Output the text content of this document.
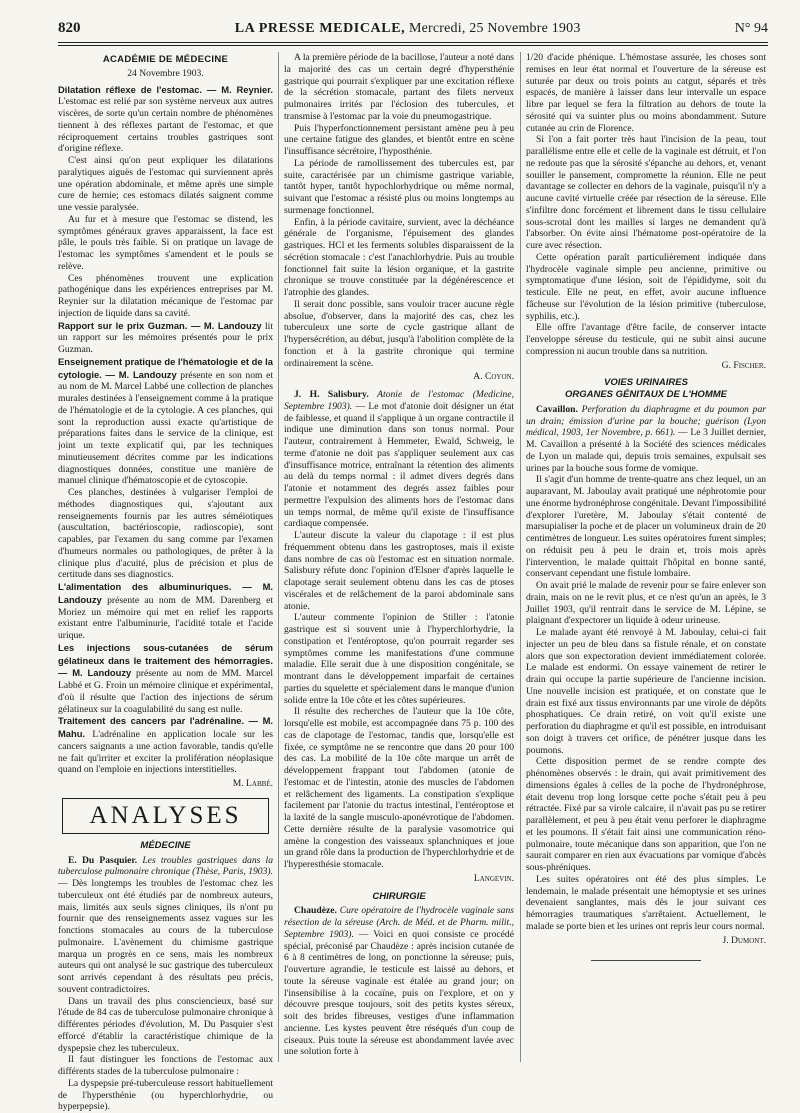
820	LA PRESSE MEDICALE, Mercredi, 25 Novembre 1903	N° 94
ACADÉMIE DE MÉDECINE
24 Novembre 1903.

Dilatation réflexe de l'estomac. — M. Reynier. L'estomac est relié par son système nerveux aux autres viscères, de sorte qu'un certain nombre de phénomènes tiennent à des réflexes partant de l'estomac, et que réciproquement certains troubles gastriques sont d'origine réflexe.

C'est ainsi qu'on peut expliquer les dilatations paralytiques aiguës de l'estomac qui surviennent après une opération abdominale, et même après une simple cure de hernie; ces estomacs dilatés saignent comme une vessie paralysée.

Au fur et à mesure que l'estomac se distend, les symptômes généraux graves apparaissent, la face est pâle, le pouls très faible. Si on pratique un lavage de l'estomac les symptômes s'amendent et le pouls se relève.

Ces phénomènes trouvent une explication pathogénique dans les expériences entreprises par M. Reynier sur la dilatation mécanique de l'estomac par injection de liquide dans sa cavité.

Rapport sur le prix Guzman. — M. Landouzy lit un rapport sur les mémoires présentés pour le prix Guzman.

Enseignement pratique de l'hématologie et de la cytologie. — M. Landouzy présente en son nom et au nom de M. Marcel Labbé une collection de planches murales destinées à l'enseignement comme à la pratique de l'hématologie et de la cytologie. A ces planches, qui sont la reproduction aussi exacte qu'artistique de préparations faites dans le service de la clinique, est joint un texte explicatif qui, par les techniques minutieusement décrites comme par les indications diagnostiques données, constitue une manière de manuel clinique d'hématoscopie et de cytoscopie.

Ces planches, destinées à vulgariser l'emploi de méthodes diagnostiques qui, s'ajoutant aux renseignements fournis par les autres séméiotiques (auscultation, bactérioscopie, radioscopie), sont capables, par l'examen du sang comme par l'examen d'humeurs normales ou pathologiques, de prêter à la clinique plus d'acuité, plus de précision et plus de certitude dans ses diagnostics.

L'alimentation des albuminuriques. — M. Landouzy présente au nom de MM. Darenberg et Moriez un mémoire qui met en relief les rapports existant entre l'albuminurie, l'acidité totale et l'acide urique.

Les injections sous-cutanées de sérum gélatineux dans le traitement des hémorragies. — M. Landouzy présente au nom de MM. Marcel Labbé et G. Froin un mémoire clinique et expérimental, d'où il résulte que l'action des injections de sérum gélatineux sur la coagulabilité du sang est nulle.

Traitement des cancers par l'adrénaline. — M. Mahu. L'adrénaline en application locale sur les cancers saignants a une action favorable, tandis qu'elle ne fait qu'irriter et exciter la prolifération néoplasique quand on l'emploie en injections interstitielles.

M. Labbé.
ANALYSES
MÉDECINE

E. Du Pasquier. Les troubles gastriques dans la tuberculose pulmonaire chronique (Thèse, Paris, 1903). — Dès longtemps les troubles de l'estomac chez les tuberculeux ont été étudiés par de nombreux auteurs, mais, limités aux seuls signes cliniques, ils n'ont pu fournir que des renseignements assez vagues sur les fonctions stomacales au cours de la tuberculose pulmonaire. L'avènement du chimisme gastrique marqua un progrès en ce sens, mais les nombreux auteurs qui ont analysé le suc gastrique des tuberculeux sont arrivés cependant à des résultats peu précis, souvent contradictoires.

Dans un travail des plus consciencieux, basé sur l'étude de 84 cas de tuberculose pulmonaire chronique à différentes périodes d'évolution, M. Du Pasquier s'est efforcé d'établir la caractéristique chimique de la dyspepsie chez les tuberculeux.

Il faut distinguer les fonctions de l'estomac aux différents stades de la tuberculose pulmonaire :

La dyspepsie pré-tuberculeuse ressort habituellement de l'hypersthénie (ou hyperchlorhydrie, ou hyperpepsie).

A la première période de la bacillose, l'auteur a noté dans la majorité des cas un certain degré d'hypersthénie gastrique qui pourrait s'expliquer par une excitation réflexe de la sécrétion stomacale, partant des filets nerveux pulmonaires irrités par l'éclosion des tubercules, et transmise à l'estomac par la voie du pneumogastrique.

Puis l'hyperfonctionnement persistant amène peu à peu une certaine fatigue des glandes, et bientôt entre en scène l'insuffisance sécrétoire, l'hyposthénie.

La période de ramollissement des tubercules est, par suite, caractérisée par un chimisme gastrique variable, tantôt hyper, tantôt hypochlorhydrique ou même normal, suivant que l'estomac a résisté plus ou moins longtemps au surmenage fonctionnel.

Enfin, à la période cavitaire, survient, avec la déchéance générale de l'organisme, l'épuisement des glandes gastriques. HCl et les ferments solubles disparaissent de la sécrétion stomacale : c'est l'anachlorhydrie. Puis au trouble fonctionnel fait suite la lésion organique, et la gastrite chronique se trouve constituée par la dégénérescence et l'atrophie des glandes.

Il serait donc possible, sans vouloir tracer aucune règle absolue, d'observer, dans la majorité des cas, chez les tuberculeux une sorte de cycle gastrique allant de l'hypersécrétion, au début, jusqu'à l'abolition complète de la fonction et à la gastrite chronique qui termine ordinairement la scène.

A. Coyon.

J. H. Salisbury. Atonie de l'estomac (Medicine, Septembre 1903). — Le mot d'atonie doit désigner un état de faiblesse, et quand il s'applique à un organe contractile il indique une diminution dans son tonus normal. Pour l'auteur, contrairement à Hemmeter, Ewald, Schweig, le terme d'atonie ne doit pas s'appliquer seulement aux cas d'insuffisance motrice, entraînant la rétention des aliments au delà du temps normal : il admet divers degrés dans l'atonie et notamment des degrés assez faibles pour permettre l'expulsion des aliments hors de l'estomac dans un temps normal, de même qu'il existe de l'insuffisance cardiaque compensée.

L'auteur discute la valeur du clapotage : il est plus fréquemment obtenu dans les gastroptoses, mais il existe dans nombre de cas où l'estomac est en situation normale. Salisbury réfute donc l'opinion d'Elsner d'après laquelle le clapotage serait seulement obtenu dans les cas de ptoses viscérales et de relâchement de la paroi abdominale sans atonie.

L'auteur commente l'opinion de Stiller : l'atonie gastrique est si souvent unie à l'hyperchlorhydrie, la constipation et l'entéroptose, qu'on pourrait regarder ses symptômes comme les manifestations d'une commune maladie. Elle serait due à une disposition congénitale, se montrant dans le développement imparfait de certaines parties du squelette et spécialement dans le manque d'union solide entre la 10e côte et les côtes supérieures.

Il résulte des recherches de l'auteur que la 10e côte, lorsqu'elle est mobile, est accompagnée dans 75 p. 100 des cas de clapotage de l'estomac, tandis que, lorsqu'elle est fixée, ce symptôme ne se rencontre que dans 20 pour 100 des cas. La mobilité de la 10e côte marque un arrêt de développement frappant tout l'abdomen (atonie de l'estomac et de l'intestin, atonie des muscles de l'abdomen et relâchement des ligaments. La constipation s'explique facilement par l'atonie du tractus intestinal, l'entéroptose et la laxité de la sangle musculo-aponévrotique de l'abdomen. Cette dernière résulte de la paralysie vasomotrice qui amène la congestion des vaisseaux splanchniques et joue un grand rôle dans la production de l'hyperchlorhydrie et de l'hyperesthésie stomacale.

Langevin.
CHIRURGIE

Chaudèze. Cure opératoire de l'hydrocèle vaginale sans résection de la séreuse (Arch. de Méd. et de Pharm. milit., Septembre 1903). — Voici en quoi consiste ce procédé spécial, préconisé par Chaudèze : après incision cutanée de 6 à 8 centimètres de long, on ponctionne la séreuse; puis, l'ouverture agrandie, le testicule est laissé au dehors, et toute la séreuse vaginale est étalée au grand jour; on l'insensibilise à la cocaïne, puis on l'explore, et on y découvre presque toujours, soit des petits kystes séreux, soit des brides fibreuses, vestiges d'une inflammation ancienne. Les kystes peuvent être réséqués d'un coup de ciseaux. Puis toute la séreuse est abondamment lavée avec une solution forte à

1/20 d'acide phénique. L'hémostase assurée, les choses sont remises en leur état normal et l'ouverture de la séreuse est suturée par deux ou trois points au catgut, séparés et très espacés, de manière à laisser dans leur intervalle un espace libre par lequel se fera la filtration au dehors de toute la sérosité qui va suinter plus ou moins abondamment. Suture cutanée au crin de Florence.

Si l'on a fait porter très haut l'incision de la peau, tout parallélisme entre elle et celle de la vaginale est détruit, et l'on ne redoute pas que la sérosité s'épanche au dehors, et, venant souiller le pansement, compromette la réunion. Elle ne peut davantage se collecter en dehors de la vaginale, puisqu'il n'y a aucune cavité virtuelle créée par résection de la séreuse. Elle s'infiltre donc forcément et librement dans le tissu cellulaire sous-scrotal dont les mailles si larges ne demandent qu'à l'absorber. On évite ainsi l'hématome post-opératoire de la cure avec résection.

Cette opération paraît particulièrement indiquée dans l'hydrocèle vaginale simple peu ancienne, primitive ou symptomatique d'une lésion, soit de l'épididyme, soit du testicule. Elle ne peut, en effet, avoir aucune influence fâcheuse sur l'évolution de la lésion primitive (tuberculose, syphilis, etc.).

Elle offre l'avantage d'être facile, de conserver intacte l'enveloppe séreuse du testicule, qui ne subit ainsi aucune compression ni aucun trouble dans sa nutrition.

G. Fischer.
VOIES URINAIRES
ORGANES GÉNITAUX DE L'HOMME

Cavaillon. Perforation du diaphragme et du poumon par un drain; émission d'urine par la bouche; guérison (Lyon médical, 1903, 1er Novembre, p. 661). — Le 3 Juillet dernier, M. Cavaillon a présenté à la Société des sciences médicales de Lyon un malade qui, depuis trois semaines, expulsait ses urines par la bouche sous forme de vomique.

Il s'agit d'un homme de trente-quatre ans chez lequel, un an auparavant, M. Jaboulay avait pratiqué une néphrotomie pour une énorme hydronéphrose congénitale. Devant l'impossibilité d'explorer l'uretère, M. Jaboulay s'était contenté de marsupialiser la poche et de placer un volumineux drain de 20 centimètres de longueur. Les suites opératoires furent simples; on réduisit peu à peu le drain et, trois mois après l'intervention, le malade quittait l'hôpital en bonne santé, conservant cependant une fistule lombaire.

On avait prié le malade de revenir pour se faire enlever son drain, mais on ne le revit plus, et ce n'est qu'un an après, le 3 Juillet 1903, qu'il rentrait dans le service de M. Lépine, se plaignant d'expectorer un liquide à odeur urineuse.

Le malade ayant été renvoyé à M. Jaboulay, celui-ci fait injecter un peu de bleu dans sa fistule rénale, et on constate alors que son expectoration devient immédiatement colorée. Le malade est endormi. On essaye vainement de retirer le drain qui occupe la partie supérieure de l'ancienne incision. Une nouvelle incision est pratiquée, et on constate que le drain est fixé aux tissus environnants par une virole de dépôts phosphatiques. Ce drain retiré, on voit qu'il existe une perforation du diaphragme et qu'il est possible, en introduisant son doigt à travers cet orifice, de pénétrer jusque dans les poumons.

Cette disposition permet de se rendre compte des phénomènes observés : le drain, qui avait primitivement des dimensions égales à celles de la poche de l'hydronéphrose, était devenu trop long lorsque cette poche s'était peu à peu rétractée. Fixé par sa virole calcaire, il n'avait pas pu se retirer parallèlement, et peu à peu était venu perforer le diaphragme et les poumons. Il s'était fait ainsi une communication réno-pulmonaire, toute mécanique dans son apparition, que l'on ne saurait comparer en rien aux évacuations par vomique d'abcès sous-phréniques.

Les suites opératoires ont été des plus simples. Le lendemain, le malade présentait une hémoptysie et ses urines devenaient sanglantes, mais dès le jour suivant ces hémorragies traumatiques s'arrêtaient. Actuellement, le malade se porte bien et les urines ont repris leur cours normal.

J. Dumont.
